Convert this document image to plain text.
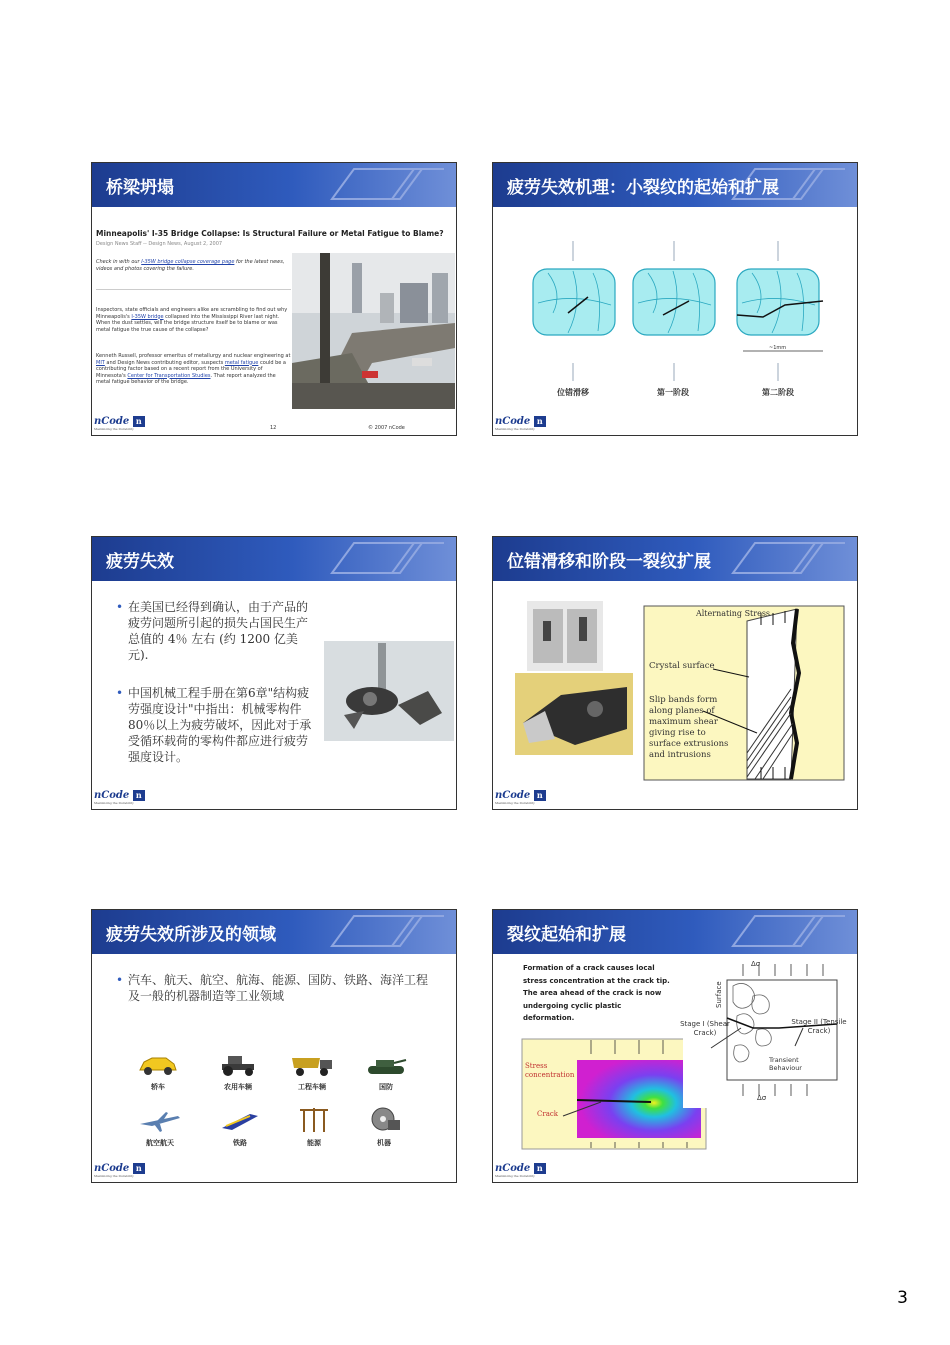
桥梁坍塌
Minneapolis' I-35 Bridge Collapse: Is Structural Failure or Metal Fatigue to Blame?
Design News Staff -- Design News, August 2, 2007
Check in with our I-35W bridge collapse coverage page for the latest news, videos and photos covering the failure.
Inspectors, state officials and engineers alike are scrambling to find out why Minneapolis's I-35W bridge collapsed into the Mississippi River last night. When the dust settles, will the bridge structure itself be to blame or was metal fatigue the true cause of the collapse?
Kenneth Russell, professor emeritus of metallurgy and nuclear engineering at MIT and Design News contributing editor, suspects metal fatigue could be a contributing factor based on a recent report from the University of Minnesota's Center for Transportation Studies. That report analyzed the metal fatigue behavior of the bridge.
12	© 2007 nCode
nCode n
Maximizing the Durability
疲劳失效机理：小裂纹的起始和扩展
~1mm
位错滑移	第一阶段	第二阶段
nCode n
Maximizing the Durability
疲劳失效
• 在美国已经得到确认，由于产品的疲劳问题所引起的损失占国民生产总值的 4％ 左右 (约 1200 亿美元).
• 中国机械工程手册在第6章"结构疲劳强度设计"中指出：机械零构件80％以上为疲劳破坏，因此对于承受循环载荷的零构件都应进行疲劳强度设计。
nCode n
Maximizing the Durability
位错滑移和阶段一裂纹扩展
Alternating Stress
Crystal surface
Slip bands form along planes of maximum shear giving rise to surface extrusions and intrusions
nCode n
Maximizing the Durability
疲劳失效所涉及的领域
• 汽车、航天、航空、航海、能源、国防、铁路、海洋工程及一般的机器制造等工业领域
轿车	农用车辆	工程车辆	国防
航空航天	铁路	能源	机器
nCode n
Maximizing the Durability
裂纹起始和扩展
Formation of a crack causes local stress concentration at the crack tip. The area ahead of the crack is now undergoing cyclic plastic deformation.
Stress concentration
Crack
Surface
Stage I (Shear Crack)
Stage II (Tensile Crack)
Transient Behaviour
Δσ
Δσ
nCode n
Maximizing the Durability
3
